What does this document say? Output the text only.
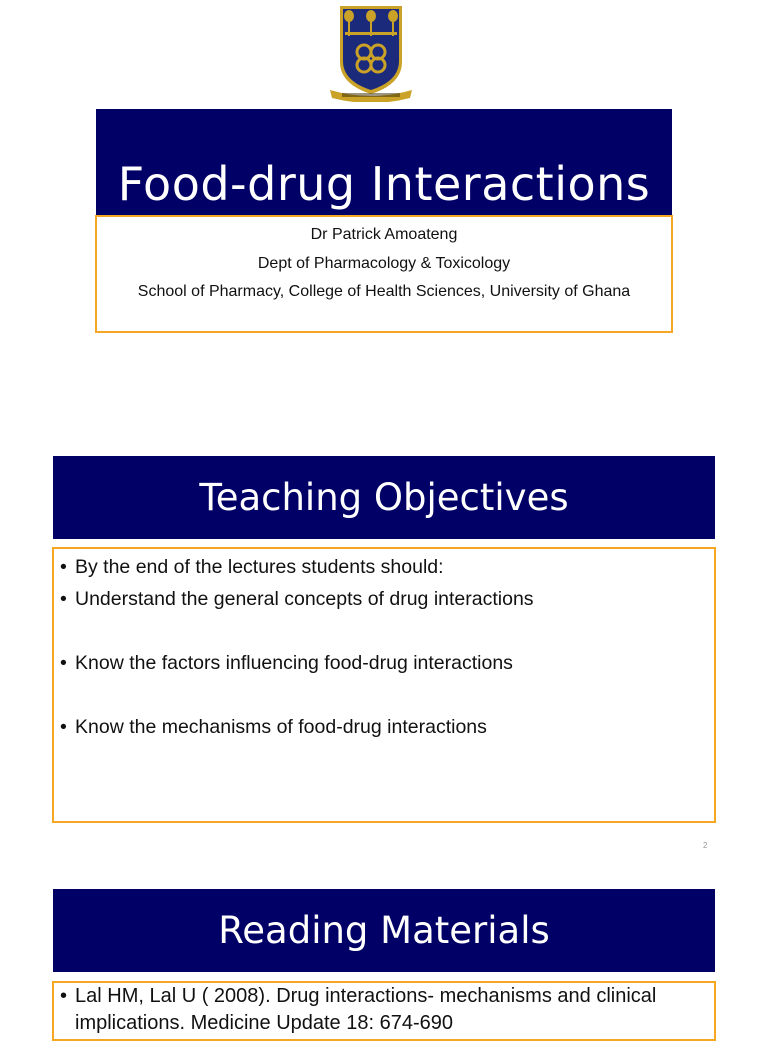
Food-drug Interactions
Dr Patrick Amoateng
Dept of Pharmacology & Toxicology
School of Pharmacy, College of Health Sciences, University of Ghana
Teaching Objectives
• By the end of the lectures students should:
• Understand the general concepts of drug interactions
• Know the factors influencing food-drug interactions
• Know the mechanisms of food-drug interactions
2
Reading Materials
• Lal HM, Lal U ( 2008). Drug interactions- mechanisms and clinical implications. Medicine Update 18: 674-690
